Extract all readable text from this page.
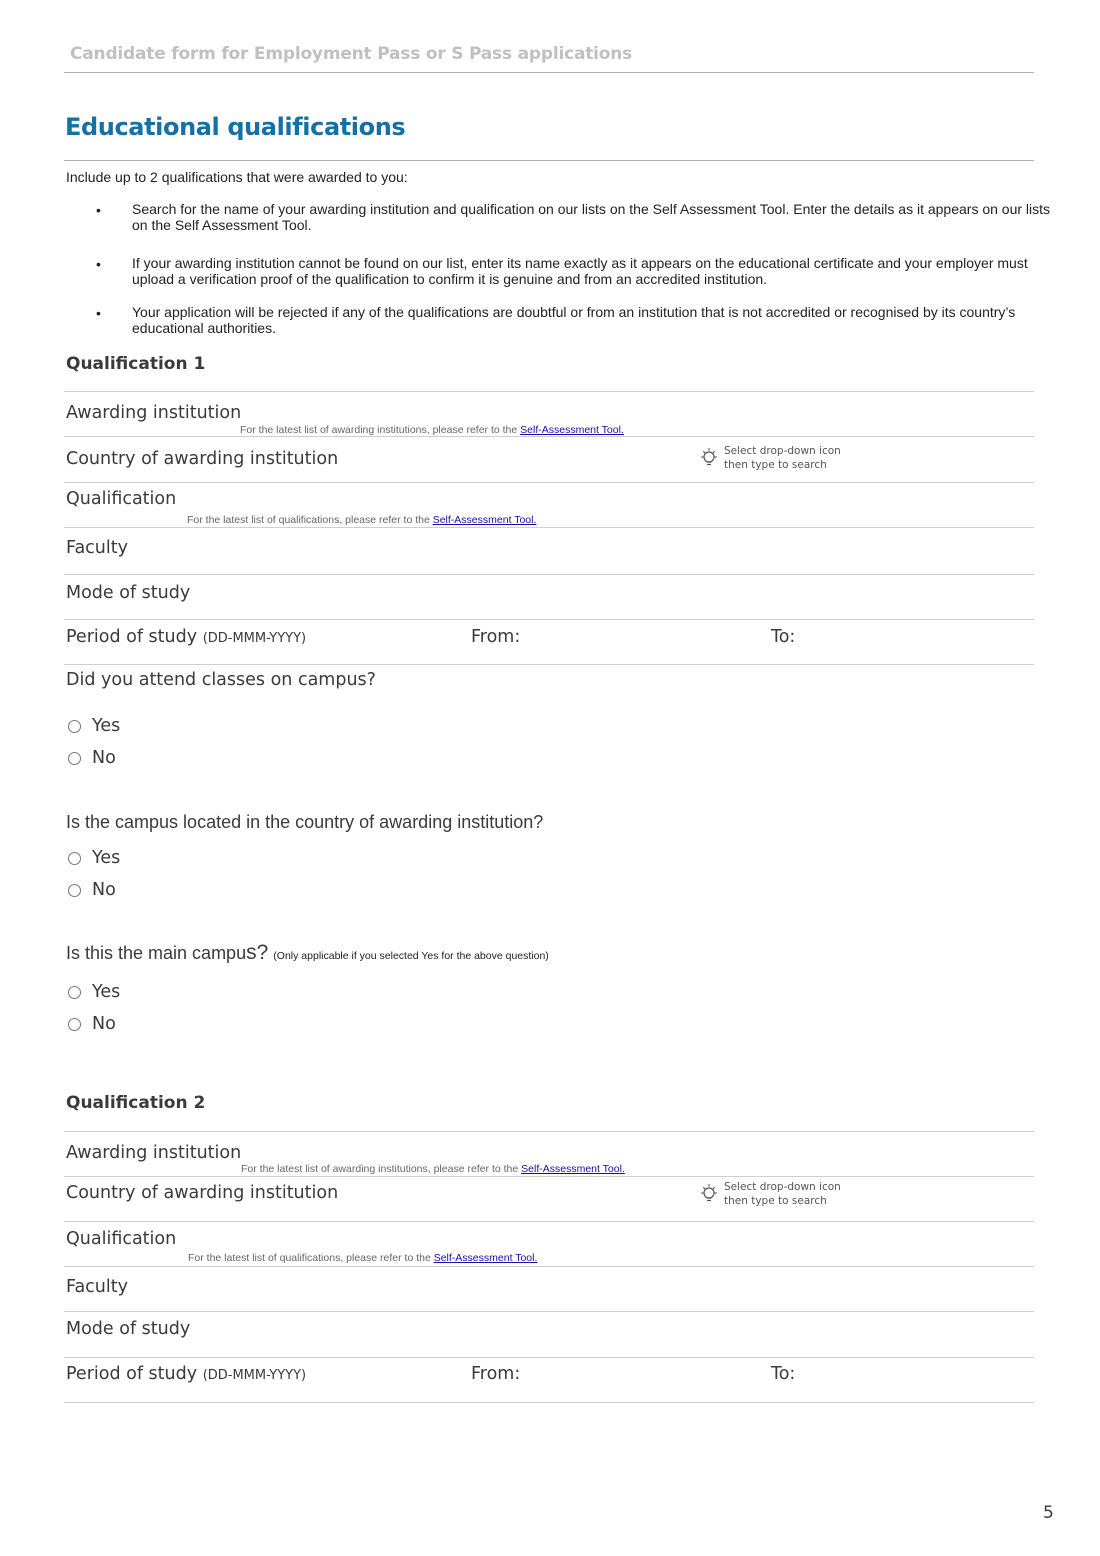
Candidate form for Employment Pass or S Pass applications
Educational qualifications
Include up to 2 qualifications that were awarded to you:
• Search for the name of your awarding institution and qualification on our lists on the Self Assessment Tool. Enter the details as it appears on our lists on the Self Assessment Tool.
• If your awarding institution cannot be found on our list, enter its name exactly as it appears on the educational certificate and your employer must upload a verification proof of the qualification to confirm it is genuine and from an accredited institution.
• Your application will be rejected if any of the qualifications are doubtful or from an institution that is not accredited or recognised by its country’s educational authorities.
Qualification 1
Awarding institution
For the latest list of awarding institutions, please refer to the Self-Assessment Tool.
Country of awarding institution	Select drop-down icon
then type to search
Qualification
For the latest list of qualifications, please refer to the Self-Assessment Tool.
Faculty
Mode of study
Period of study (DD-MMM-YYYY)	From:	To:
Did you attend classes on campus?
Yes
No
Is the campus located in the country of awarding institution?
Yes
No
Is this the main campus? (Only applicable if you selected Yes for the above question)
Yes
No
Qualification 2
Awarding institution
For the latest list of awarding institutions, please refer to the Self-Assessment Tool.
Country of awarding institution	Select drop-down icon
then type to search
Qualification
For the latest list of qualifications, please refer to the Self-Assessment Tool.
Faculty
Mode of study
Period of study (DD-MMM-YYYY)	From:	To:
5
